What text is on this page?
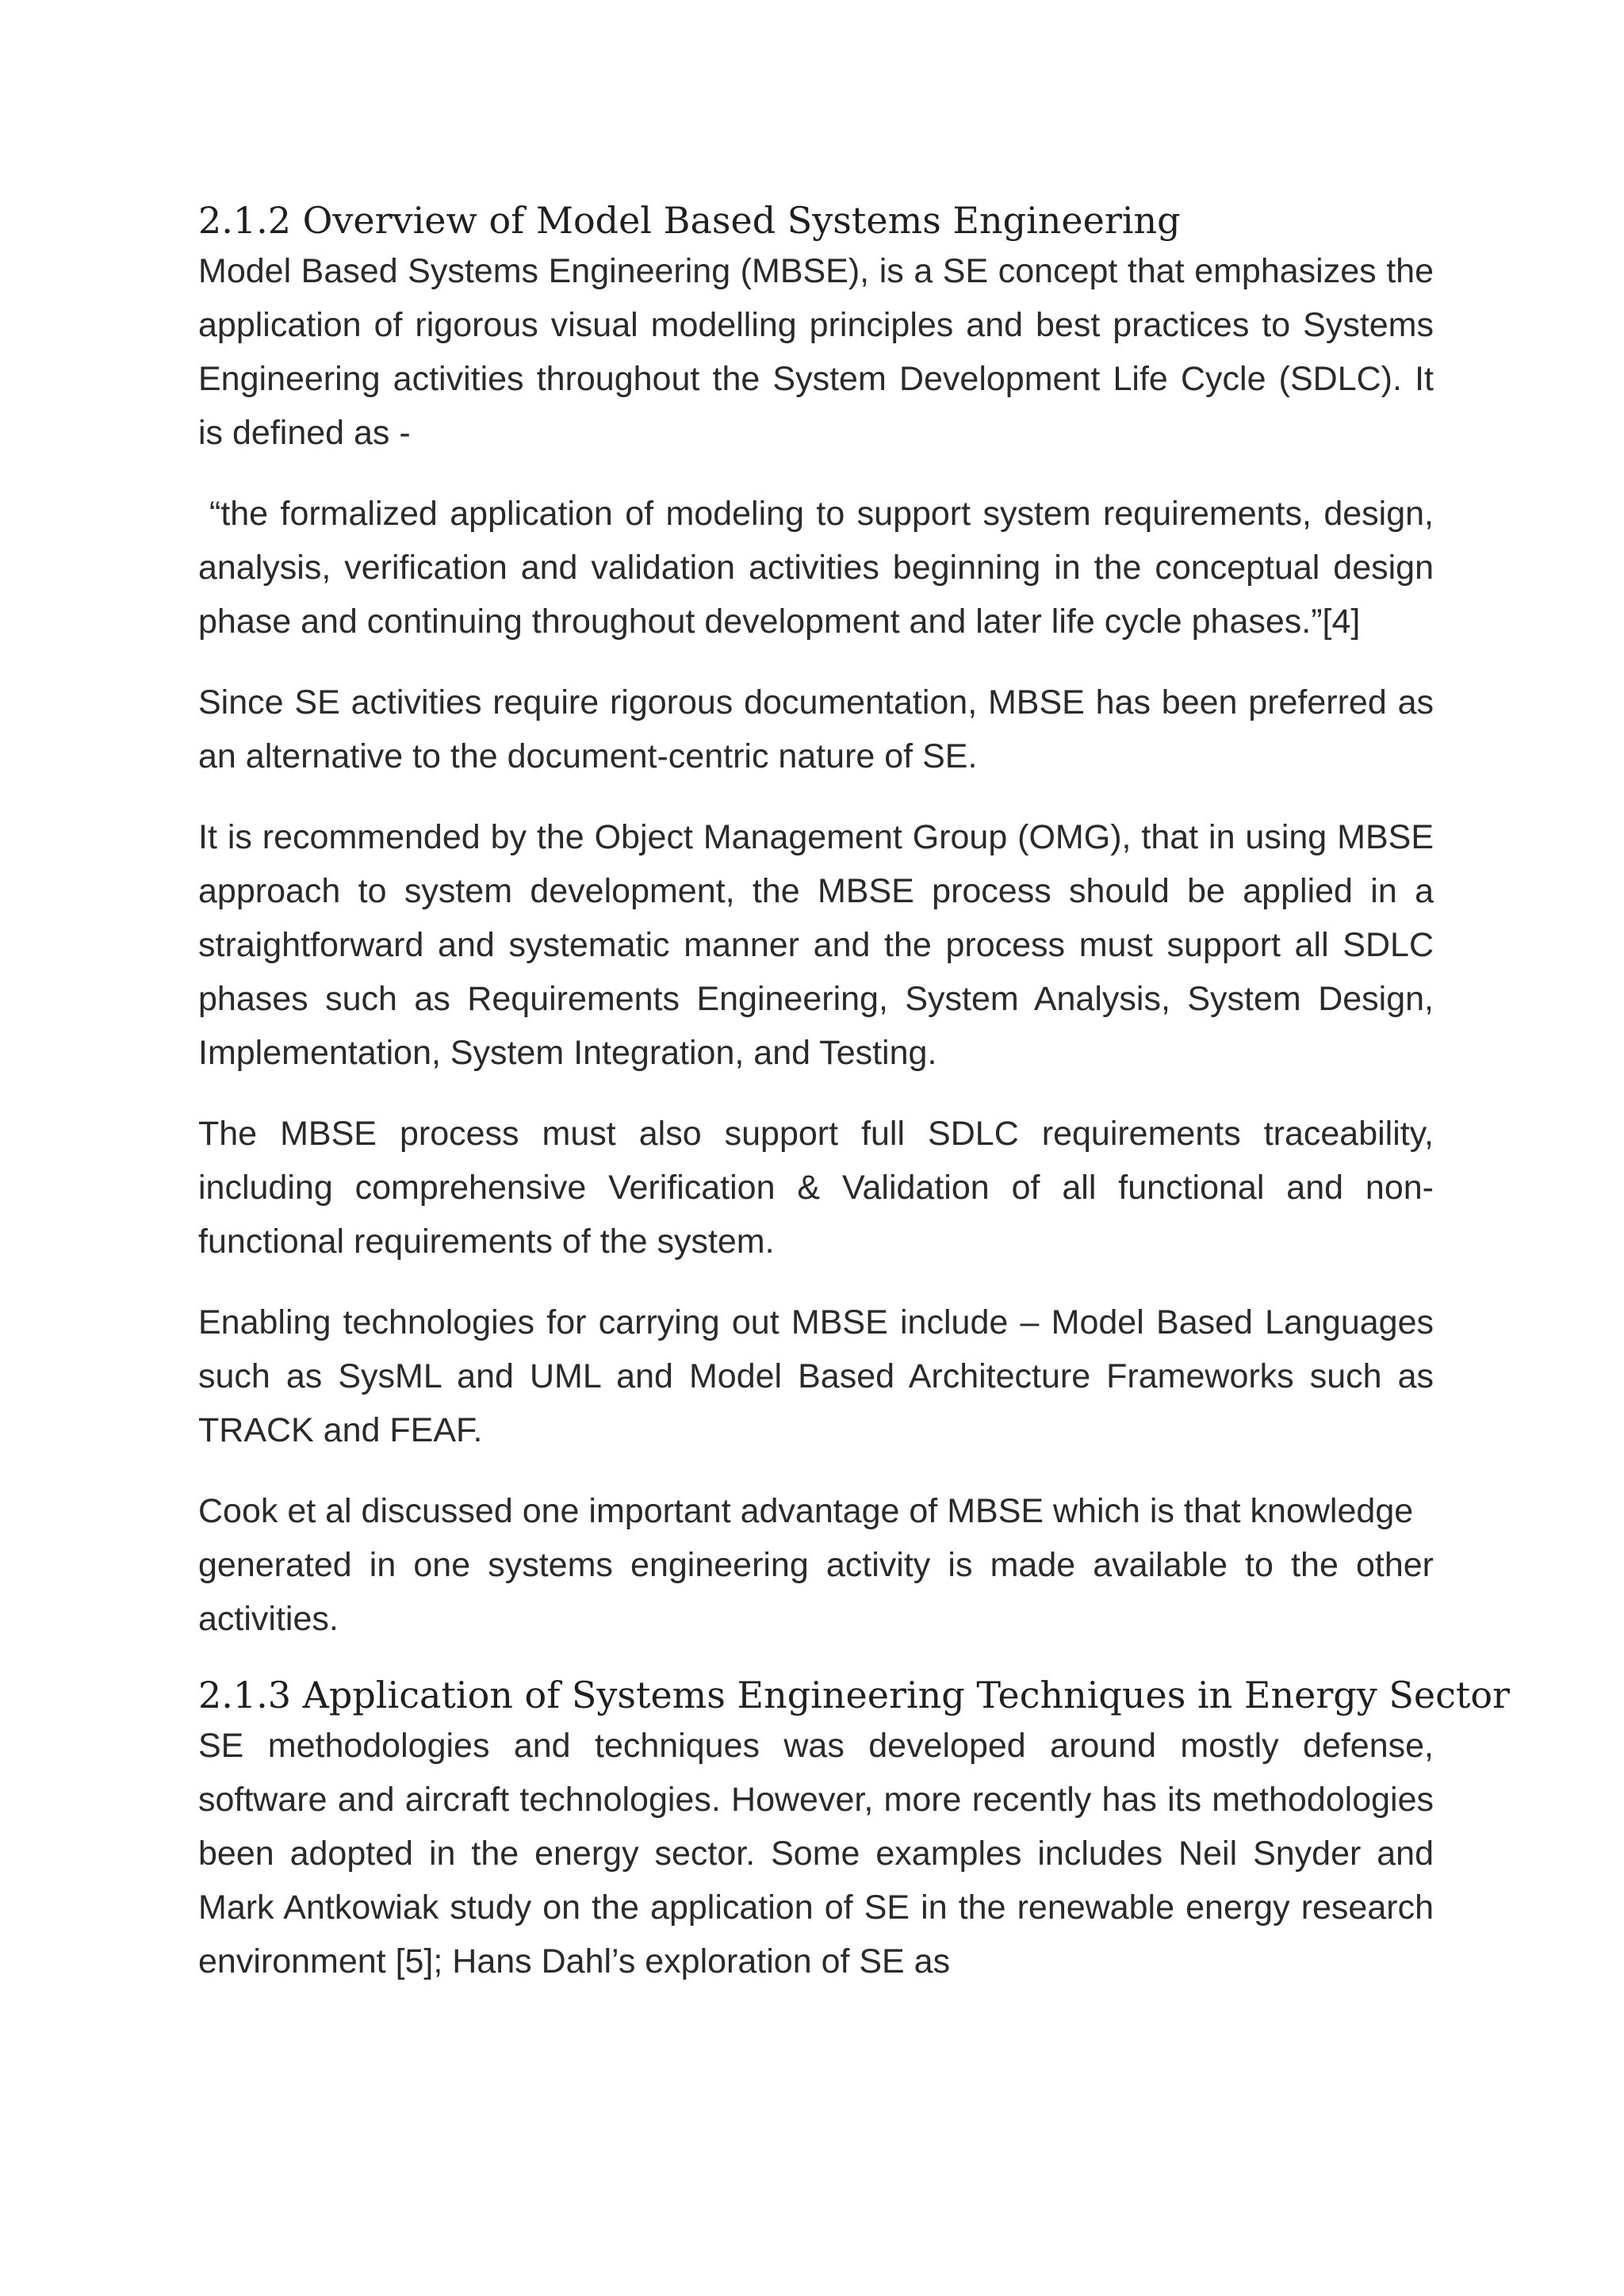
2.1.2 Overview of Model Based Systems Engineering

Model Based Systems Engineering (MBSE), is a SE concept that emphasizes the application of rigorous visual modelling principles and best practices to Systems Engineering activities throughout the System Development Life Cycle (SDLC). It is defined as -

“the formalized application of modeling to support system requirements, design, analysis, verification and validation activities beginning in the conceptual design phase and continuing throughout development and later life cycle phases.”[4]

Since SE activities require rigorous documentation, MBSE has been preferred as an alternative to the document-centric nature of SE.

It is recommended by the Object Management Group (OMG), that in using MBSE approach to system development, the MBSE process should be applied in a straightforward and systematic manner and the process must support all SDLC phases such as Requirements Engineering, System Analysis, System Design, Implementation, System Integration, and Testing.

The MBSE process must also support full SDLC requirements traceability, including comprehensive Verification & Validation of all functional and non-functional requirements of the system.

Enabling technologies for carrying out MBSE include – Model Based Languages such as SysML and UML and Model Based Architecture Frameworks such as TRACK and FEAF.

Cook et al discussed one important advantage of MBSE which is that knowledge

generated in one systems engineering activity is made available to the other activities.

2.1.3 Application of Systems Engineering Techniques in Energy Sector

SE methodologies and techniques was developed around mostly defense, software and aircraft technologies. However, more recently has its methodologies been adopted in the energy sector. Some examples includes Neil Snyder and Mark Antkowiak study on the application of SE in the renewable energy research environment [5]; Hans Dahl’s exploration of SE as
